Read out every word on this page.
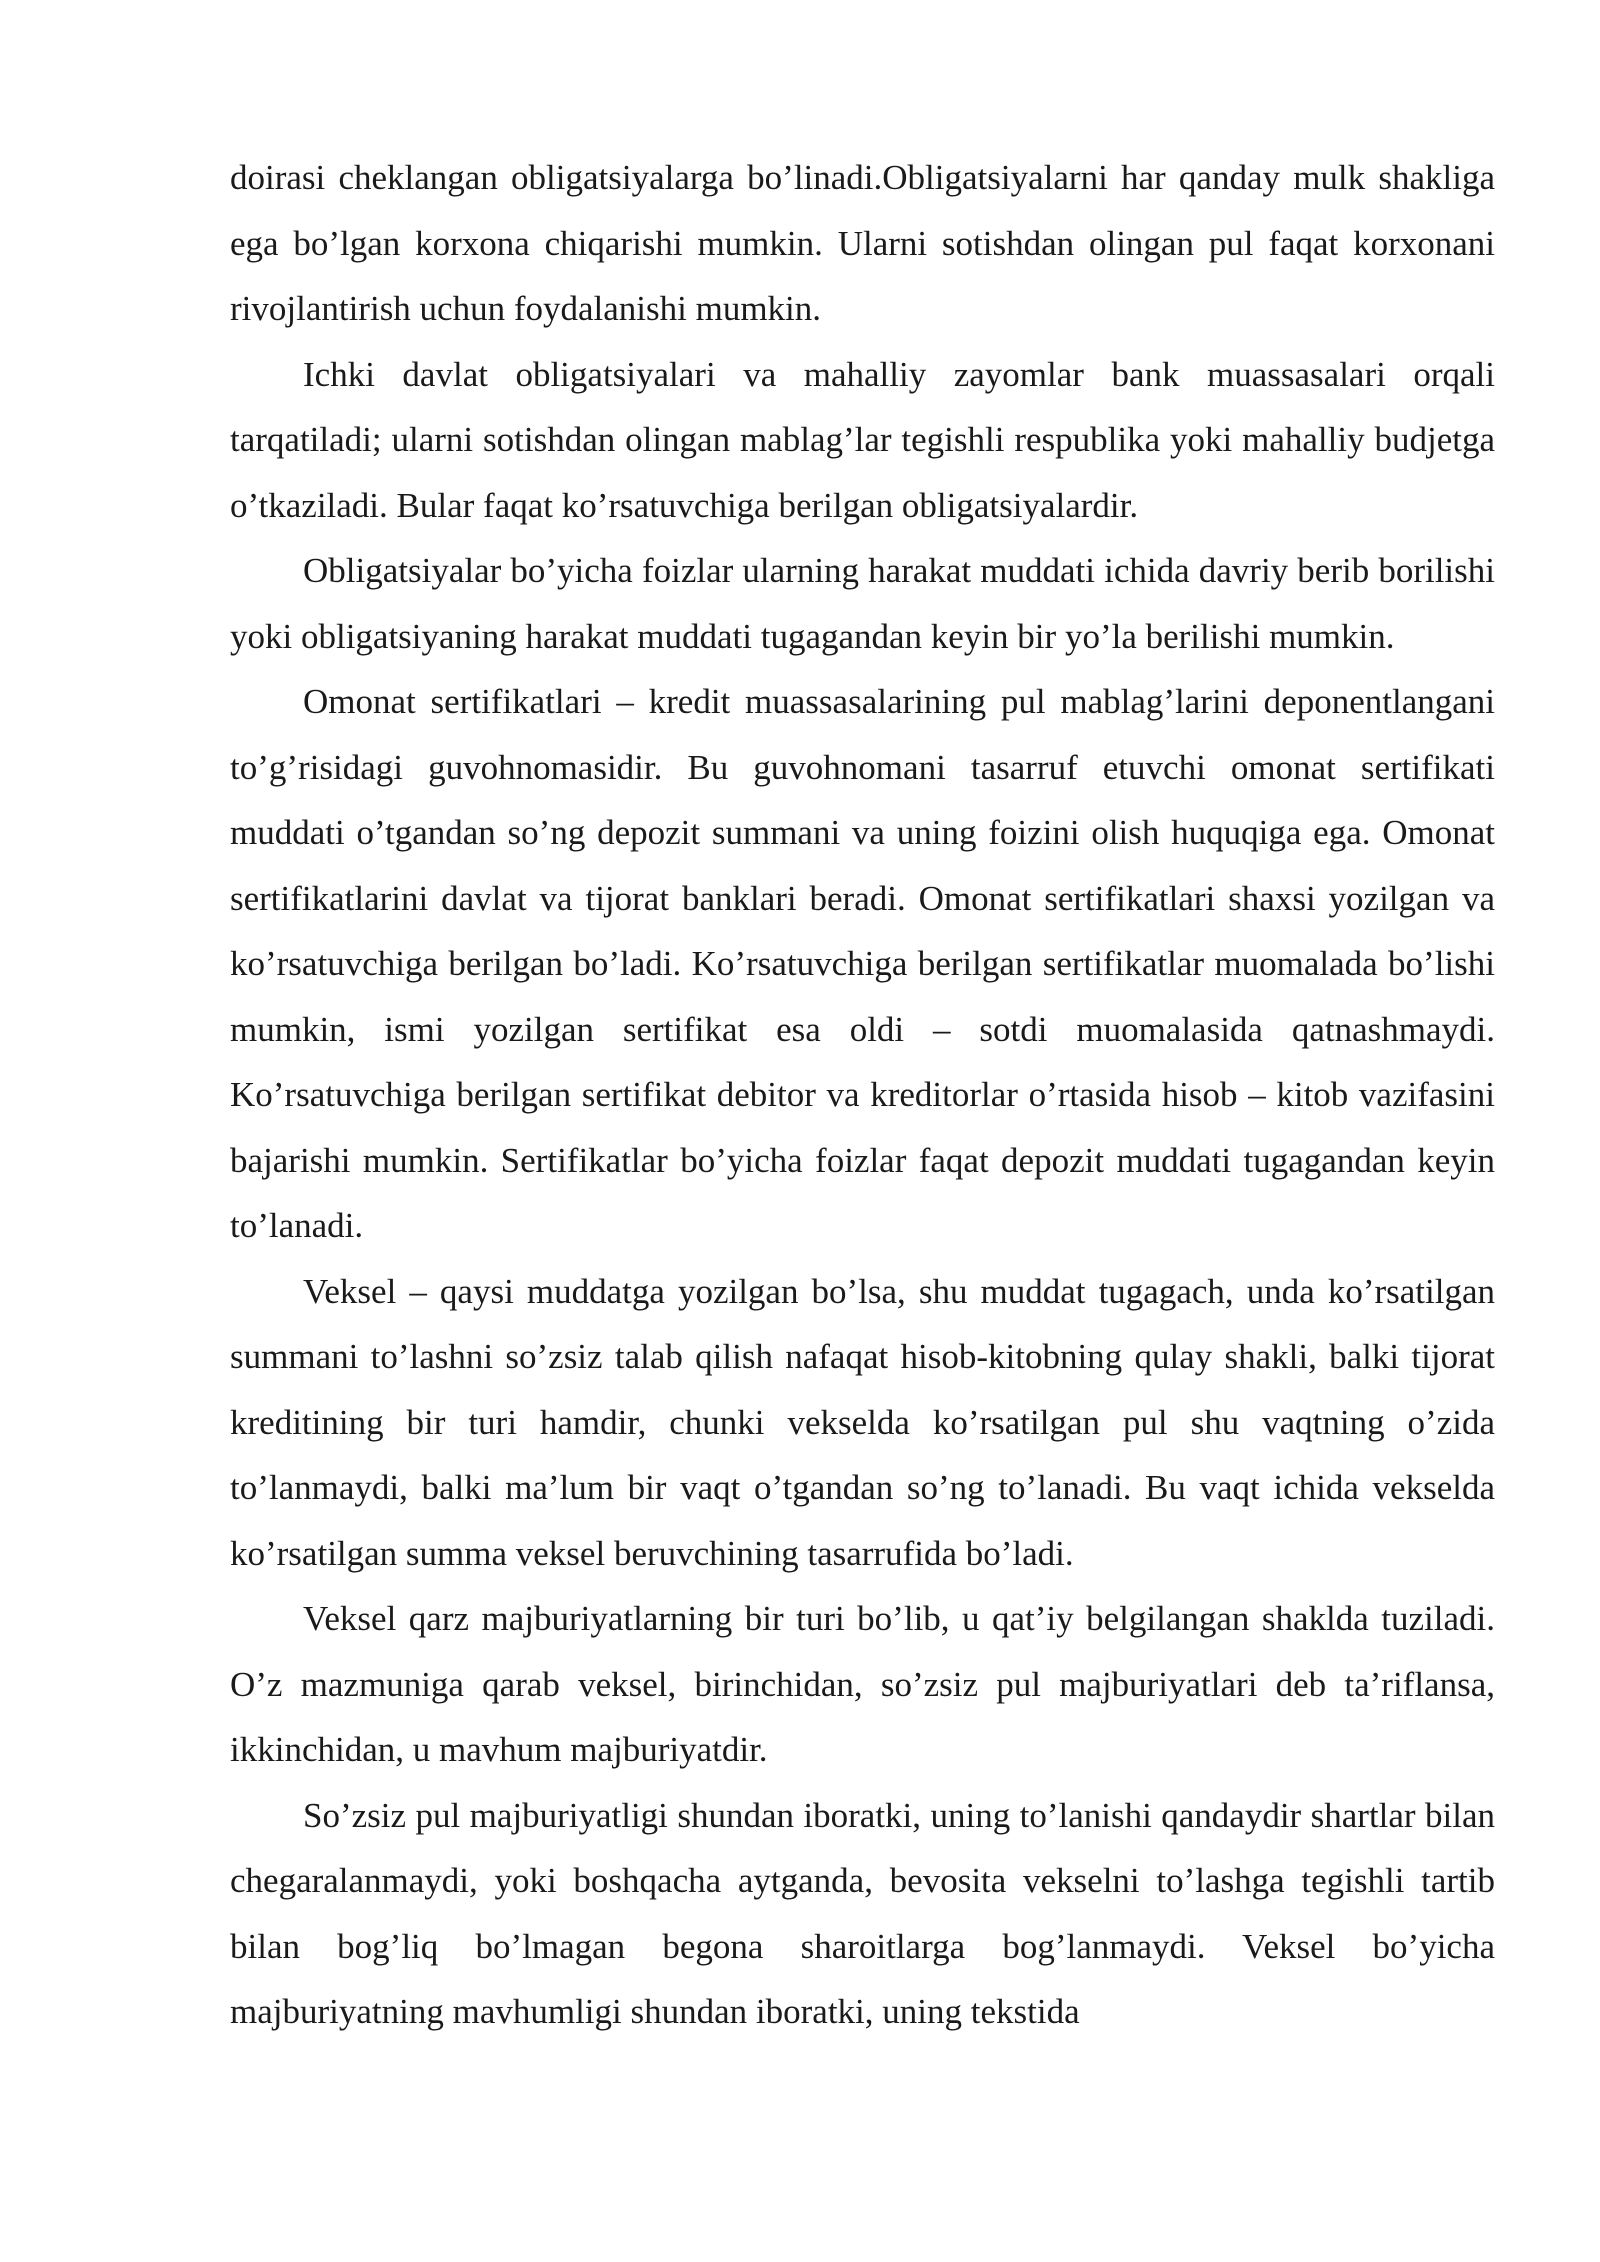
doirasi cheklangan obligatsiyalarga bo’linadi.Obligatsiyalarni har qanday mulk shakliga ega bo’lgan korxona chiqarishi mumkin. Ularni sotishdan olingan pul faqat korxonani rivojlantirish uchun foydalanishi mumkin.

Ichki davlat obligatsiyalari va mahalliy zayomlar bank muassasalari orqali tarqatiladi; ularni sotishdan olingan mablag’lar tegishli respublika yoki mahalliy budjetga o’tkaziladi. Bular faqat ko’rsatuvchiga berilgan obligatsiyalardir.

Obligatsiyalar bo’yicha foizlar ularning harakat muddati ichida davriy berib borilishi yoki obligatsiyaning harakat muddati tugagandan keyin bir yo’la berilishi mumkin.

Omonat sertifikatlari – kredit muassasalarining pul mablag’larini deponentlangani to’g’risidagi guvohnomasidir. Bu guvohnomani tasarruf etuvchi omonat sertifikati muddati o’tgandan so’ng depozit summani va uning foizini olish huquqiga ega. Omonat sertifikatlarini davlat va tijorat banklari beradi. Omonat sertifikatlari shaxsi yozilgan va ko’rsatuvchiga berilgan bo’ladi. Ko’rsatuvchiga berilgan sertifikatlar muomalada bo’lishi mumkin, ismi yozilgan sertifikat esa oldi – sotdi muomalasida qatnashmaydi. Ko’rsatuvchiga berilgan sertifikat debitor va kreditorlar o’rtasida hisob – kitob vazifasini bajarishi mumkin. Sertifikatlar bo’yicha foizlar faqat depozit muddati tugagandan keyin to’lanadi.

Veksel – qaysi muddatga yozilgan bo’lsa, shu muddat tugagach, unda ko’rsatilgan summani to’lashni so’zsiz talab qilish nafaqat hisob-kitobning qulay shakli, balki tijorat kreditining bir turi hamdir, chunki vekselda ko’rsatilgan pul shu vaqtning o’zida to’lanmaydi, balki ma’lum bir vaqt o’tgandan so’ng to’lanadi. Bu vaqt ichida vekselda ko’rsatilgan summa veksel beruvchining tasarrufida bo’ladi.

Veksel qarz majburiyatlarning bir turi bo’lib, u qat’iy belgilangan shaklda tuziladi. O’z mazmuniga qarab veksel, birinchidan, so’zsiz pul majburiyatlari deb ta’riflansa, ikkinchidan, u mavhum majburiyatdir.

So’zsiz pul majburiyatligi shundan iboratki, uning to’lanishi qandaydir shartlar bilan chegaralanmaydi, yoki boshqacha aytganda, bevosita vekselni to’lashga tegishli tartib bilan bog’liq bo’lmagan begona sharoitlarga bog’lanmaydi. Veksel bo’yicha majburiyatning mavhumligi shundan iboratki, uning tekstida
